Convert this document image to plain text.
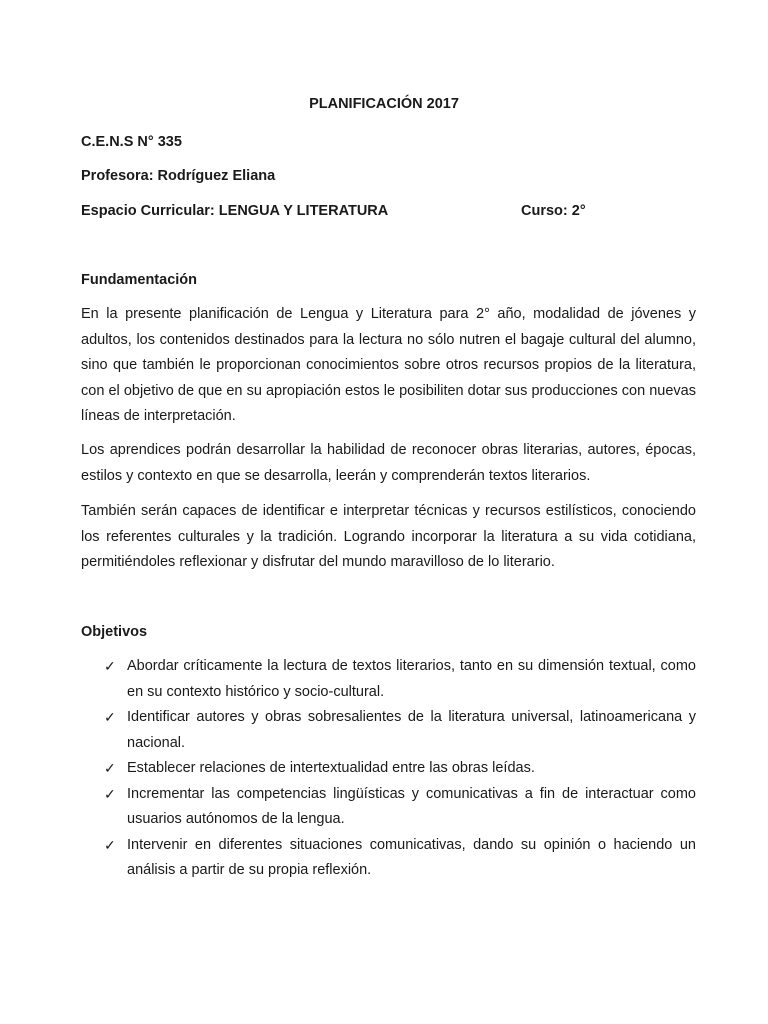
PLANIFICACIÓN 2017
C.E.N.S N° 335
Profesora: Rodríguez Eliana
Espacio Curricular: LENGUA Y LITERATURA	Curso: 2°
Fundamentación

En la presente planificación de Lengua y Literatura para 2° año, modalidad de jóvenes y adultos, los contenidos destinados para la lectura no sólo nutren el bagaje cultural del alumno, sino que también le proporcionan conocimientos sobre otros recursos propios de la literatura, con el objetivo de que en su apropiación estos le posibiliten dotar sus producciones con nuevas líneas de interpretación.

Los aprendices podrán desarrollar la habilidad de reconocer obras literarias, autores, épocas, estilos y contexto en que se desarrolla, leerán y comprenderán textos literarios.

También serán capaces de identificar e interpretar técnicas y recursos estilísticos, conociendo los referentes culturales y la tradición. Logrando incorporar la literatura a su vida cotidiana, permitiéndoles reflexionar y disfrutar del mundo maravilloso de lo literario.

Objetivos
✓ Abordar críticamente la lectura de textos literarios, tanto en su dimensión textual, como en su contexto histórico y socio-cultural.
✓ Identificar autores y obras sobresalientes de la literatura universal, latinoamericana y nacional.
✓ Establecer relaciones de intertextualidad entre las obras leídas.
✓ Incrementar las competencias lingüísticas y comunicativas a fin de interactuar como usuarios autónomos de la lengua.
✓ Intervenir en diferentes situaciones comunicativas, dando su opinión o haciendo un análisis a partir de su propia reflexión.
